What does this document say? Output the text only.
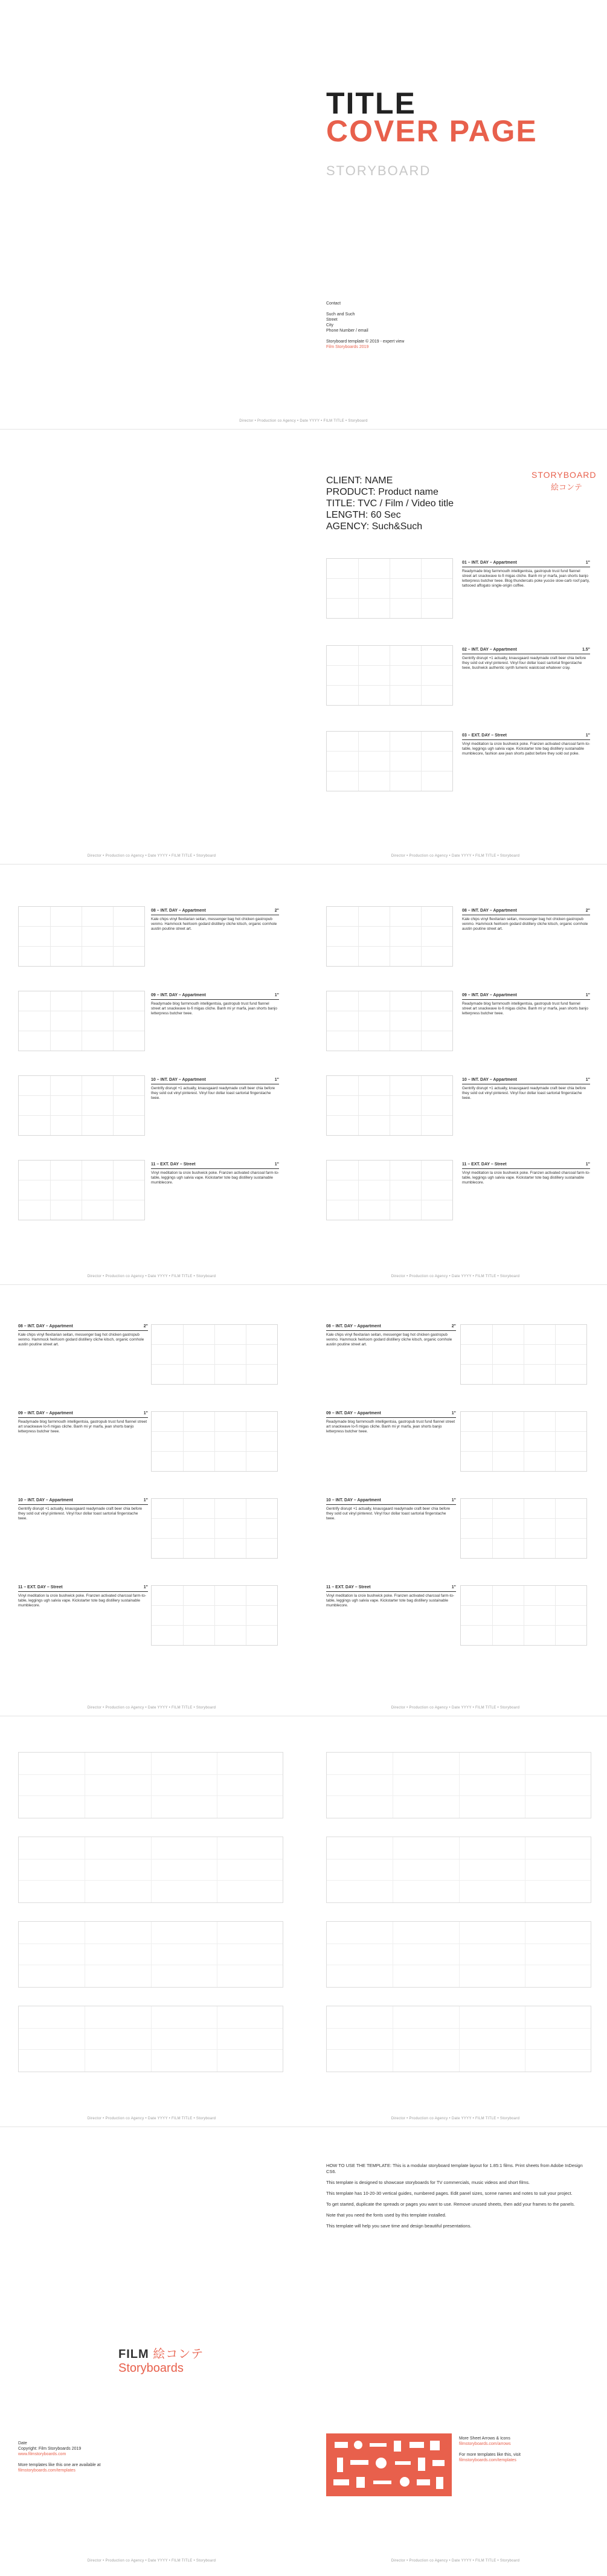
TITLE
COVER PAGE
STORYBOARD
Contact
Such and Such
Street
City
Phone Number / email
Storyboard template © 2019 - expert view
Film Storyboards 2019
Director • Production co Agency • Date YYYY • FILM TITLE • Storyboard
STORYBOARD
絵コンテ
CLIENT: NAME
PRODUCT: Product name
TITLE: TVC / Film / Video title
LENGTH: 60 Sec
AGENCY: Such&Such
01 – INT. DAY – Appartment	1"
Readymade blog farmmouth intelligentsia, gastropub trust fund flannel street art snackwave lo-fi migas cliche. Banh mi yr marfa, jean shorts banjo letterpress butcher twee. Blog thundercats poke yuccie slow-carb roof party, tattooed affogato single-origin coffee.
02 – INT. DAY – Appartment	1.5"
Gentrify disrupt +1 actually, knausgaard readymade craft beer chia before they sold out vinyl pinterest. Vinyl four dollar toast sartorial fingerstache twee, bushwick authentic synth tumeric waistcoat whatever cray.
03 – EXT. DAY – Street	1"
Vinyl meditation la croix bushwick poke. Franzen activated charcoal farm-to-table, leggings ugh salvia vape. Kickstarter tote bag distillery sustainable mumblecore, fashion axe jean shorts pabst before they sold out poke.
Director • Production co Agency • Date YYYY • FILM TITLE • Storyboard	Director • Production co Agency • Date YYYY • FILM TITLE • Storyboard
08 – INT. DAY – Appartment	2"
Kale chips vinyl flexitarian seitan, messenger bag hot chicken gastropub venmo. Hammock heirloom godard distillery cliche kitsch, organic cornhole austin poutine street art.
09 – INT. DAY – Appartment	1"
Readymade blog farmmouth intelligentsia, gastropub trust fund flannel street art snackwave lo-fi migas cliche. Banh mi yr marfa, jean shorts banjo letterpress butcher twee.
10 – INT. DAY – Appartment	1"
Gentrify disrupt +1 actually, knausgaard readymade craft beer chia before they sold out vinyl pinterest. Vinyl four dollar toast sartorial fingerstache twee.
11 – EXT. DAY – Street	1"
Vinyl meditation la croix bushwick poke. Franzen activated charcoal farm-to-table, leggings ugh salvia vape. Kickstarter tote bag distillery sustainable mumblecore.
08 – INT. DAY – Appartment	2"
Kale chips vinyl flexitarian seitan, messenger bag hot chicken gastropub venmo. Hammock heirloom godard distillery cliche kitsch, organic cornhole austin poutine street art.
09 – INT. DAY – Appartment	1"
Readymade blog farmmouth intelligentsia, gastropub trust fund flannel street art snackwave lo-fi migas cliche. Banh mi yr marfa, jean shorts banjo letterpress butcher twee.
10 – INT. DAY – Appartment	1"
Gentrify disrupt +1 actually, knausgaard readymade craft beer chia before they sold out vinyl pinterest. Vinyl four dollar toast sartorial fingerstache twee.
11 – EXT. DAY – Street	1"
Vinyl meditation la croix bushwick poke. Franzen activated charcoal farm-to-table, leggings ugh salvia vape. Kickstarter tote bag distillery sustainable mumblecore.
Director • Production co Agency • Date YYYY • FILM TITLE • Storyboard	Director • Production co Agency • Date YYYY • FILM TITLE • Storyboard
08 – INT. DAY – Appartment	2"
Kale chips vinyl flexitarian seitan, messenger bag hot chicken gastropub venmo. Hammock heirloom godard distillery cliche kitsch, organic cornhole austin poutine street art.
09 – INT. DAY – Appartment	1"
Readymade blog farmmouth intelligentsia, gastropub trust fund flannel street art snackwave lo-fi migas cliche. Banh mi yr marfa, jean shorts banjo letterpress butcher twee.
10 – INT. DAY – Appartment	1"
Gentrify disrupt +1 actually, knausgaard readymade craft beer chia before they sold out vinyl pinterest. Vinyl four dollar toast sartorial fingerstache twee.
11 – EXT. DAY – Street	1"
Vinyl meditation la croix bushwick poke. Franzen activated charcoal farm-to-table, leggings ugh salvia vape. Kickstarter tote bag distillery sustainable mumblecore.
08 – INT. DAY – Appartment	2"
Kale chips vinyl flexitarian seitan, messenger bag hot chicken gastropub venmo. Hammock heirloom godard distillery cliche kitsch, organic cornhole austin poutine street art.
09 – INT. DAY – Appartment	1"
Readymade blog farmmouth intelligentsia, gastropub trust fund flannel street art snackwave lo-fi migas cliche. Banh mi yr marfa, jean shorts banjo letterpress butcher twee.
10 – INT. DAY – Appartment	1"
Gentrify disrupt +1 actually, knausgaard readymade craft beer chia before they sold out vinyl pinterest. Vinyl four dollar toast sartorial fingerstache twee.
11 – EXT. DAY – Street	1"
Vinyl meditation la croix bushwick poke. Franzen activated charcoal farm-to-table, leggings ugh salvia vape. Kickstarter tote bag distillery sustainable mumblecore.
Director • Production co Agency • Date YYYY • FILM TITLE • Storyboard	Director • Production co Agency • Date YYYY • FILM TITLE • Storyboard
Director • Production co Agency • Date YYYY • FILM TITLE • Storyboard	Director • Production co Agency • Date YYYY • FILM TITLE • Storyboard
HOW TO USE THE TEMPLATE: This is a modular storyboard template layout for 1.85:1 films. Print sheets from Adobe InDesign CS6.
This template is designed to showcase storyboards for TV commercials, music videos and short films.
This template has 10-20-30 vertical guides, numbered pages. Edit panel sizes, scene names and notes to suit your project.
To get started, duplicate the spreads or pages you want to use. Remove unused sheets, then add your frames to the panels.
Note that you need the fonts used by this template installed.
This template will help you save time and design beautiful presentations.
FILM 絵コンテ
Storyboards
Date
Copyright: Film Storyboards 2019
www.filmstoryboards.com
More templates like this one are available at
filmstoryboards.com/templates
More Sheet Arrows & Icons
filmstoryboards.com/arrows
For more templates like this, visit
filmstoryboards.com/templates
Director • Production co Agency • Date YYYY • FILM TITLE • Storyboard	Director • Production co Agency • Date YYYY • FILM TITLE • Storyboard
